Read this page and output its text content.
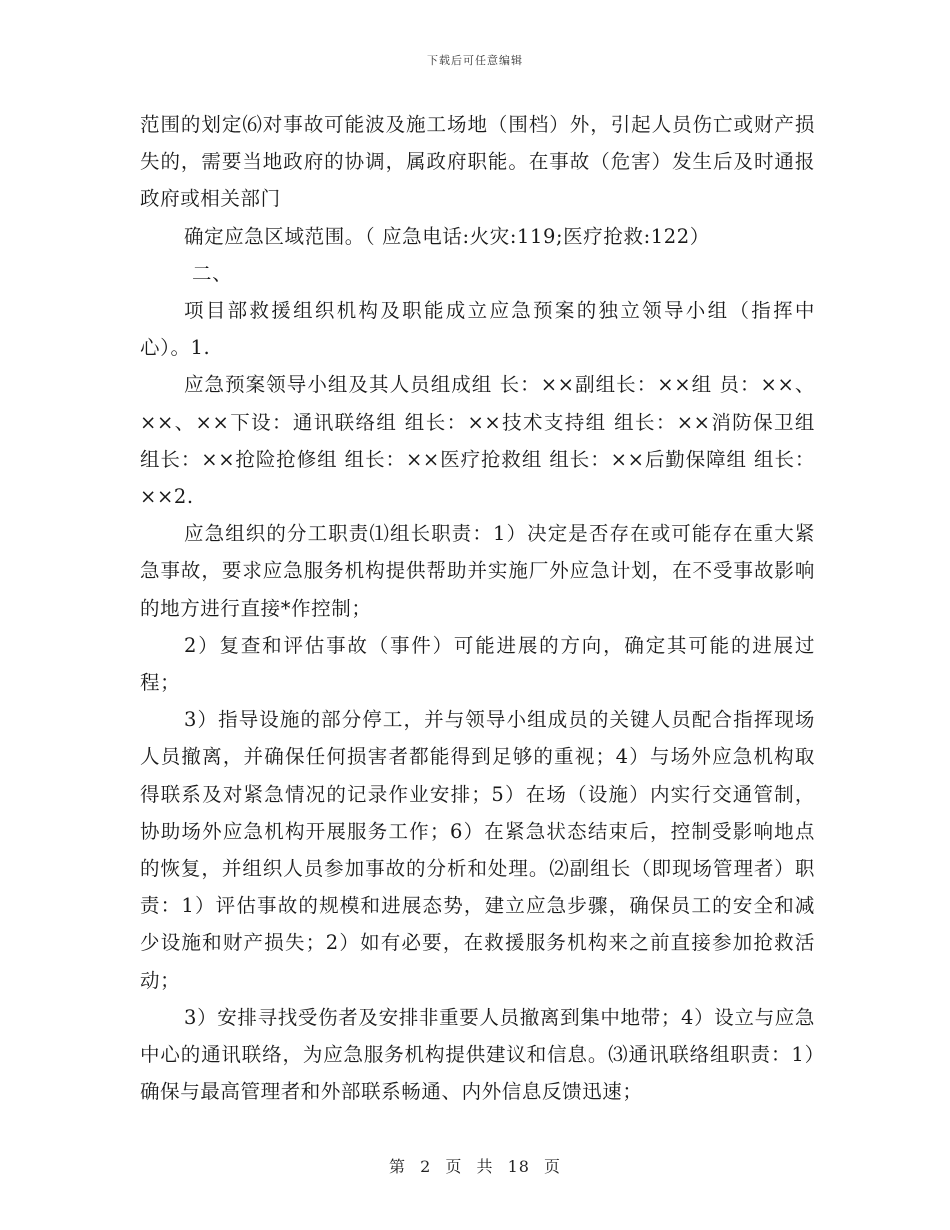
下载后可任意编辑

范围的划定⑹对事故可能波及施工场地（围档）外，引起人员伤亡或财产损失的，需要当地政府的协调，属政府职能。在事故（危害）发生后及时通报政府或相关部门

确定应急区域范围。（ 应急电话:火灾:119;医疗抢救:122）

二、

项目部救援组织机构及职能成立应急预案的独立领导小组（指挥中心）。1.

应急预案领导小组及其人员组成组 长：××副组长：××组 员：××、××、××下设：通讯联络组 组长：××技术支持组 组长：××消防保卫组 组长：××抢险抢修组 组长：××医疗抢救组 组长：××后勤保障组 组长：××2.

应急组织的分工职责⑴组长职责：1）决定是否存在或可能存在重大紧急事故，要求应急服务机构提供帮助并实施厂外应急计划，在不受事故影响的地方进行直接*作控制；

2）复查和评估事故（事件）可能进展的方向，确定其可能的进展过程；

3）指导设施的部分停工，并与领导小组成员的关键人员配合指挥现场人员撤离，并确保任何损害者都能得到足够的重视；4）与场外应急机构取得联系及对紧急情况的记录作业安排；5）在场（设施）内实行交通管制，协助场外应急机构开展服务工作；6）在紧急状态结束后，控制受影响地点的恢复，并组织人员参加事故的分析和处理。⑵副组长（即现场管理者）职责：1）评估事故的规模和进展态势，建立应急步骤，确保员工的安全和减少设施和财产损失；2）如有必要，在救援服务机构来之前直接参加抢救活动；

3）安排寻找受伤者及安排非重要人员撤离到集中地带；4）设立与应急中心的通讯联络，为应急服务机构提供建议和信息。⑶通讯联络组职责：1）确保与最高管理者和外部联系畅通、内外信息反馈迅速；

第 2 页 共 18 页
